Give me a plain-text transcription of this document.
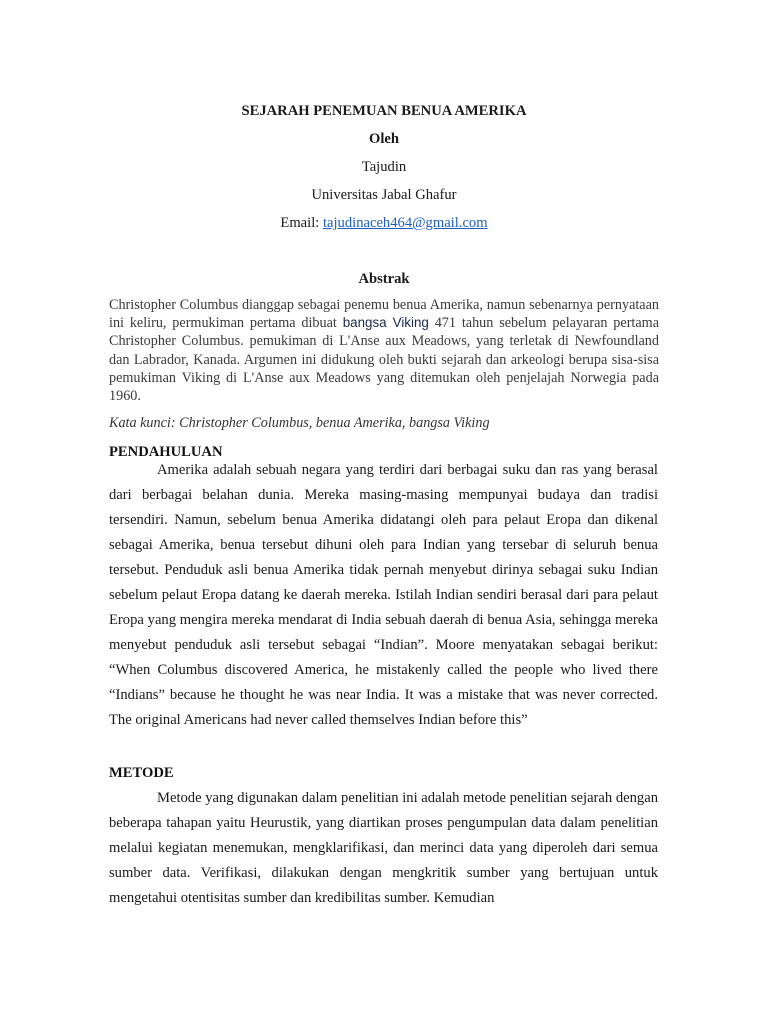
SEJARAH PENEMUAN BENUA AMERIKA
Oleh
Tajudin
Universitas Jabal Ghafur
Email: tajudinaceh464@gmail.com
Abstrak
Christopher Columbus dianggap sebagai penemu benua Amerika, namun sebenarnya pernyataan ini keliru, permukiman pertama dibuat bangsa Viking 471 tahun sebelum pelayaran pertama Christopher Columbus. pemukiman di L'Anse aux Meadows, yang terletak di Newfoundland dan Labrador, Kanada. Argumen ini didukung oleh bukti sejarah dan arkeologi berupa sisa-sisa pemukiman Viking di L'Anse aux Meadows yang ditemukan oleh penjelajah Norwegia pada 1960.
Kata kunci: Christopher Columbus, benua Amerika, bangsa Viking
PENDAHULUAN
Amerika adalah sebuah negara yang terdiri dari berbagai suku dan ras yang berasal dari berbagai belahan dunia. Mereka masing-masing mempunyai budaya dan tradisi tersendiri. Namun, sebelum benua Amerika didatangi oleh para pelaut Eropa dan dikenal sebagai Amerika, benua tersebut dihuni oleh para Indian yang tersebar di seluruh benua tersebut. Penduduk asli benua Amerika tidak pernah menyebut dirinya sebagai suku Indian sebelum pelaut Eropa datang ke daerah mereka. Istilah Indian sendiri berasal dari para pelaut Eropa yang mengira mereka mendarat di India sebuah daerah di benua Asia, sehingga mereka menyebut penduduk asli tersebut sebagai “Indian”. Moore menyatakan sebagai berikut: “When Columbus discovered America, he mistakenly called the people who lived there “Indians” because he thought he was near India. It was a mistake that was never corrected. The original Americans had never called themselves Indian before this”
METODE
Metode yang digunakan dalam penelitian ini adalah metode penelitian sejarah dengan beberapa tahapan yaitu Heurustik, yang diartikan proses pengumpulan data dalam penelitian melalui kegiatan menemukan, mengklarifikasi, dan merinci data yang diperoleh dari semua sumber data. Verifikasi, dilakukan dengan mengkritik sumber yang bertujuan untuk mengetahui otentisitas sumber dan kredibilitas sumber. Kemudian
